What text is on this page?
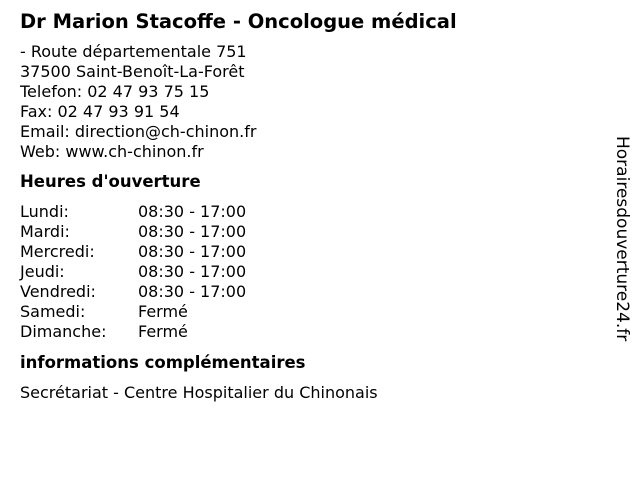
Dr Marion Stacoffe - Oncologue médical
- Route départementale 751
37500 Saint-Benoît-La-Forêt
Telefon: 02 47 93 75 15
Fax: 02 47 93 91 54
Email: direction@ch-chinon.fr
Web: www.ch-chinon.fr
Heures d'ouverture
Lundi:	08:30 - 17:00
Mardi:	08:30 - 17:00
Mercredi:	08:30 - 17:00
Jeudi:	08:30 - 17:00
Vendredi:	08:30 - 17:00
Samedi:	Fermé
Dimanche:	Fermé
informations complémentaires
Secrétariat - Centre Hospitalier du Chinonais
Horairesdouverture24.fr
